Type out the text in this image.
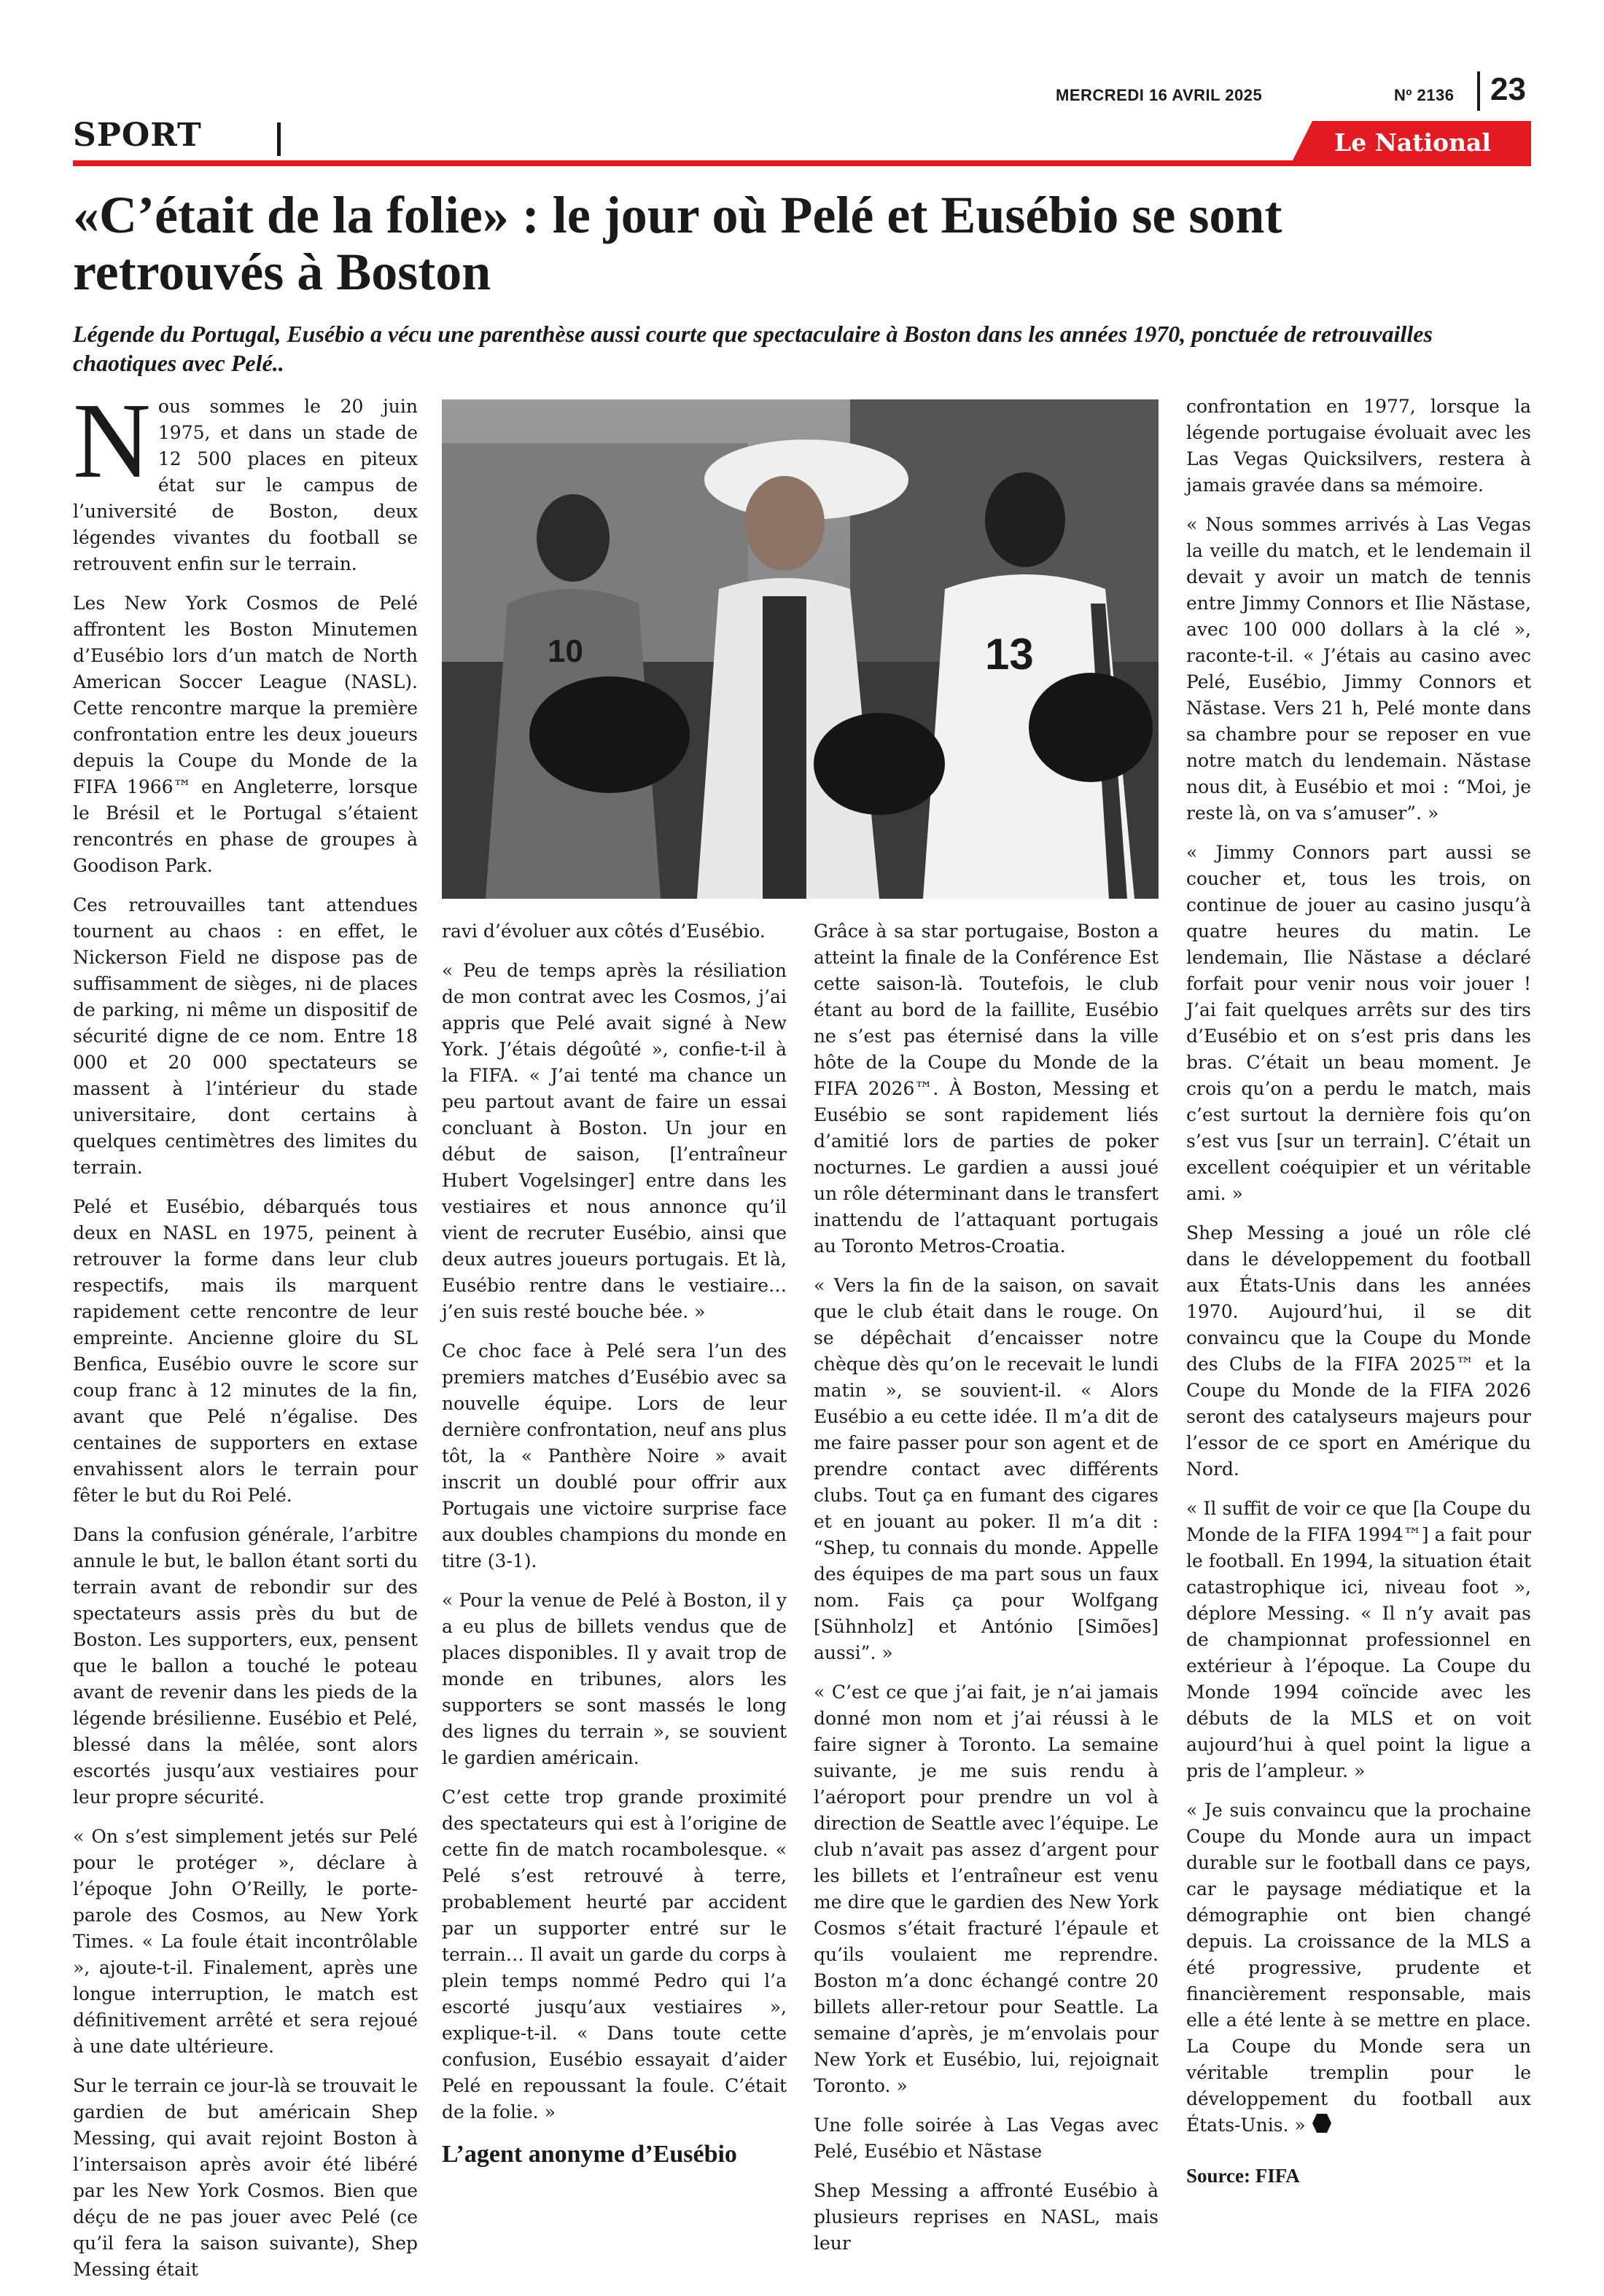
MERCREDI 16 AVRIL 2025	Nº 2136 23
SPORT	Le National
«C’était de la folie» : le jour où Pelé et Eusébio se sont
retrouvés à Boston
Légende du Portugal, Eusébio a vécu une parenthèse aussi courte que spectaculaire à Boston dans les années 1970, ponctuée de retrouvailles chaotiques avec Pelé..

Nous sommes le 20 juin 1975, et dans un stade de 12 500 places en piteux état sur le campus de l’université de Boston, deux légendes vivantes du football se retrouvent enfin sur le terrain.

Les New York Cosmos de Pelé affrontent les Boston Minutemen d’Eusébio lors d’un match de North American Soccer League (NASL). Cette rencontre marque la première confrontation entre les deux joueurs depuis la Coupe du Monde de la FIFA 1966™ en Angleterre, lorsque le Brésil et le Portugal s’étaient rencontrés en phase de groupes à Goodison Park.

Ces retrouvailles tant attendues tournent au chaos : en effet, le Nickerson Field ne dispose pas de suffisamment de sièges, ni de places de parking, ni même un dispositif de sécurité digne de ce nom. Entre 18 000 et 20 000 spectateurs se massent à l’intérieur du stade universitaire, dont certains à quelques centimètres des limites du terrain.

Pelé et Eusébio, débarqués tous deux en NASL en 1975, peinent à retrouver la forme dans leur club respectifs, mais ils marquent rapidement cette rencontre de leur empreinte. Ancienne gloire du SL Benfica, Eusébio ouvre le score sur coup franc à 12 minutes de la fin, avant que Pelé n’égalise. Des centaines de supporters en extase envahissent alors le terrain pour fêter le but du Roi Pelé.

Dans la confusion générale, l’arbitre annule le but, le ballon étant sorti du terrain avant de rebondir sur des spectateurs assis près du but de Boston. Les supporters, eux, pensent que le ballon a touché le poteau avant de revenir dans les pieds de la légende brésilienne. Eusébio et Pelé, blessé dans la mêlée, sont alors escortés jusqu’aux vestiaires pour leur propre sécurité.

« On s’est simplement jetés sur Pelé pour le protéger », déclare à l’époque John O’Reilly, le porte-parole des Cosmos, au New York Times. « La foule était incontrôlable », ajoute-t-il. Finalement, après une longue interruption, le match est définitivement arrêté et sera rejoué à une date ultérieure.

Sur le terrain ce jour-là se trouvait le gardien de but américain Shep Messing, qui avait rejoint Boston à l’intersaison après avoir été libéré par les New York Cosmos. Bien que déçu de ne pas jouer avec Pelé (ce qu’il fera la saison suivante), Shep Messing était

10	13

ravi d’évoluer aux côtés d’Eusébio.

« Peu de temps après la résiliation de mon contrat avec les Cosmos, j’ai appris que Pelé avait signé à New York. J’étais dégoûté », confie-t-il à la FIFA. « J’ai tenté ma chance un peu partout avant de faire un essai concluant à Boston. Un jour en début de saison, [l’entraîneur Hubert Vogelsinger] entre dans les vestiaires et nous annonce qu’il vient de recruter Eusébio, ainsi que deux autres joueurs portugais. Et là, Eusébio rentre dans le vestiaire… j’en suis resté bouche bée. »

Ce choc face à Pelé sera l’un des premiers matches d’Eusébio avec sa nouvelle équipe. Lors de leur dernière confrontation, neuf ans plus tôt, la « Panthère Noire » avait inscrit un doublé pour offrir aux Portugais une victoire surprise face aux doubles champions du monde en titre (3-1).

« Pour la venue de Pelé à Boston, il y a eu plus de billets vendus que de places disponibles. Il y avait trop de monde en tribunes, alors les supporters se sont massés le long des lignes du terrain », se souvient le gardien américain.

C’est cette trop grande proximité des spectateurs qui est à l’origine de cette fin de match rocambolesque. « Pelé s’est retrouvé à terre, probablement heurté par accident par un supporter entré sur le terrain… Il avait un garde du corps à plein temps nommé Pedro qui l’a escorté jusqu’aux vestiaires », explique-t-il. « Dans toute cette confusion, Eusébio essayait d’aider Pelé en repoussant la foule. C’était de la folie. »

L’agent anonyme d’Eusébio

Grâce à sa star portugaise, Boston a atteint la finale de la Conférence Est cette saison-là. Toutefois, le club étant au bord de la faillite, Eusébio ne s’est pas éternisé dans la ville hôte de la Coupe du Monde de la FIFA 2026™. À Boston, Messing et Eusébio se sont rapidement liés d’amitié lors de parties de poker nocturnes. Le gardien a aussi joué un rôle déterminant dans le transfert inattendu de l’attaquant portugais au Toronto Metros-Croatia.

« Vers la fin de la saison, on savait que le club était dans le rouge. On se dépêchait d’encaisser notre chèque dès qu’on le recevait le lundi matin », se souvient-il. « Alors Eusébio a eu cette idée. Il m’a dit de me faire passer pour son agent et de prendre contact avec différents clubs. Tout ça en fumant des cigares et en jouant au poker. Il m’a dit : “Shep, tu connais du monde. Appelle des équipes de ma part sous un faux nom. Fais ça pour Wolfgang [Sühnholz] et António [Simões] aussi”. »

« C’est ce que j’ai fait, je n’ai jamais donné mon nom et j’ai réussi à le faire signer à Toronto. La semaine suivante, je me suis rendu à l’aéroport pour prendre un vol à direction de Seattle avec l’équipe. Le club n’avait pas assez d’argent pour les billets et l’entraîneur est venu me dire que le gardien des New York Cosmos s’était fracturé l’épaule et qu’ils voulaient me reprendre. Boston m’a donc échangé contre 20 billets aller-retour pour Seattle. La semaine d’après, je m’envolais pour New York et Eusébio, lui, rejoignait Toronto. »

Une folle soirée à Las Vegas avec Pelé, Eusébio et Nãstase

Shep Messing a affronté Eusébio à plusieurs reprises en NASL, mais leur

confrontation en 1977, lorsque la légende portugaise évoluait avec les Las Vegas Quicksilvers, restera à jamais gravée dans sa mémoire.

« Nous sommes arrivés à Las Vegas la veille du match, et le lendemain il devait y avoir un match de tennis entre Jimmy Connors et Ilie Năstase, avec 100 000 dollars à la clé », raconte-t-il. « J’étais au casino avec Pelé, Eusébio, Jimmy Connors et Năstase. Vers 21 h, Pelé monte dans sa chambre pour se reposer en vue notre match du lendemain. Năstase nous dit, à Eusébio et moi : “Moi, je reste là, on va s’amuser”. »

« Jimmy Connors part aussi se coucher et, tous les trois, on continue de jouer au casino jusqu’à quatre heures du matin. Le lendemain, Ilie Năstase a déclaré forfait pour venir nous voir jouer ! J’ai fait quelques arrêts sur des tirs d’Eusébio et on s’est pris dans les bras. C’était un beau moment. Je crois qu’on a perdu le match, mais c’est surtout la dernière fois qu’on s’est vus [sur un terrain]. C’était un excellent coéquipier et un véritable ami. »

Shep Messing a joué un rôle clé dans le développement du football aux États-Unis dans les années 1970. Aujourd’hui, il se dit convaincu que la Coupe du Monde des Clubs de la FIFA 2025™ et la Coupe du Monde de la FIFA 2026 seront des catalyseurs majeurs pour l’essor de ce sport en Amérique du Nord.

« Il suffit de voir ce que [la Coupe du Monde de la FIFA 1994™] a fait pour le football. En 1994, la situation était catastrophique ici, niveau foot », déplore Messing. « Il n’y avait pas de championnat professionnel en extérieur à l’époque. La Coupe du Monde 1994 coïncide avec les débuts de la MLS et on voit aujourd’hui à quel point la ligue a pris de l’ampleur. »

« Je suis convaincu que la prochaine Coupe du Monde aura un impact durable sur le football dans ce pays, car le paysage médiatique et la démographie ont bien changé depuis. La croissance de la MLS a été progressive, prudente et financièrement responsable, mais elle a été lente à se mettre en place. La Coupe du Monde sera un véritable tremplin pour le développement du football aux États-Unis. »

Source: FIFA
